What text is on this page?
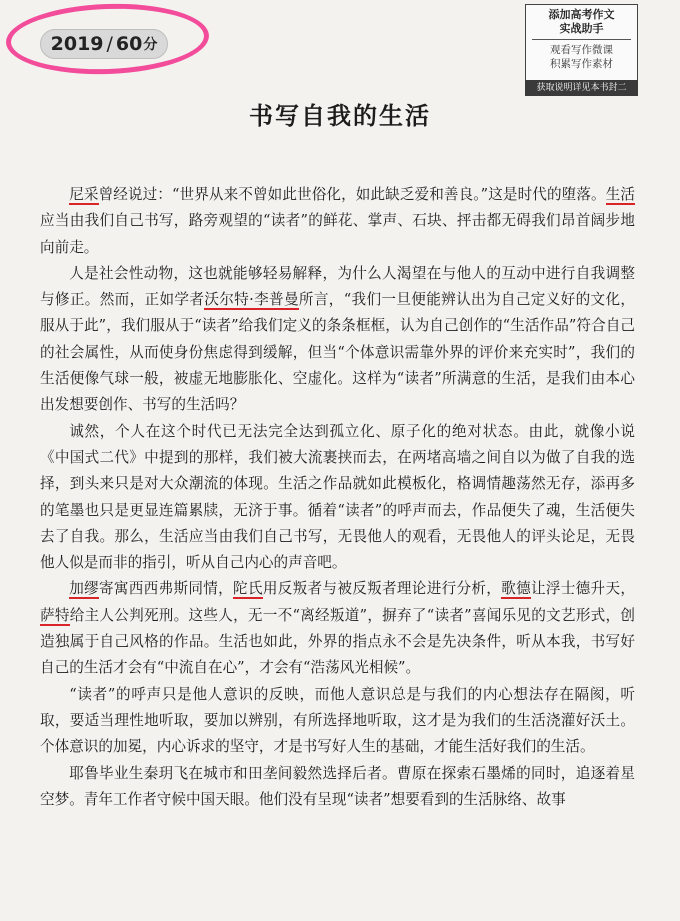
2019 / 60 分
添加高考作文
实战助手
观看写作微课
积累写作素材
获取说明详见本书封二
书写自我的生活

尼采曾经说过：“世界从来不曾如此世俗化，如此缺乏爱和善良。”这是时代的堕落。生活应当由我们自己书写，路旁观望的“读者”的鲜花、掌声、石块、抨击都无碍我们昂首阔步地向前走。

人是社会性动物，这也就能够轻易解释，为什么人渴望在与他人的互动中进行自我调整与修正。然而，正如学者沃尔特·李普曼所言，“我们一旦便能辨认出为自己定义好的文化，服从于此”，我们服从于“读者”给我们定义的条条框框，认为自己创作的“生活作品”符合自己的社会属性，从而使身份焦虑得到缓解，但当“个体意识需靠外界的评价来充实时”，我们的生活便像气球一般，被虚无地膨胀化、空虚化。这样为“读者”所满意的生活，是我们由本心出发想要创作、书写的生活吗？

诚然，个人在这个时代已无法完全达到孤立化、原子化的绝对状态。由此，就像小说《中国式二代》中提到的那样，我们被大流裹挟而去，在两堵高墙之间自以为做了自我的选择，到头来只是对大众潮流的体现。生活之作品就如此模板化，格调情趣荡然无存，添再多的笔墨也只是更显连篇累牍，无济于事。循着“读者”的呼声而去，作品便失了魂，生活便失去了自我。那么，生活应当由我们自己书写，无畏他人的观看，无畏他人的评头论足，无畏他人似是而非的指引，听从自己内心的声音吧。

加缪寄寓西西弗斯同情，陀氏用反叛者与被反叛者理论进行分析，歌德让浮士德升天，萨特给主人公判死刑。这些人，无一不“离经叛道”，摒弃了“读者”喜闻乐见的文艺形式，创造独属于自己风格的作品。生活也如此，外界的指点永不会是先决条件，听从本我，书写好自己的生活才会有“中流自在心”，才会有“浩荡风光相候”。

“读者”的呼声只是他人意识的反映，而他人意识总是与我们的内心想法存在隔阂，听取，要适当理性地听取，要加以辨别，有所选择地听取，这才是为我们的生活浇灌好沃土。个体意识的加冕，内心诉求的坚守，才是书写好人生的基础，才能生活好我们的生活。

耶鲁毕业生秦玥飞在城市和田垄间毅然选择后者。曹原在探索石墨烯的同时，追逐着星空梦。青年工作者守候中国天眼。他们没有呈现“读者”想要看到的生活脉络、故事
